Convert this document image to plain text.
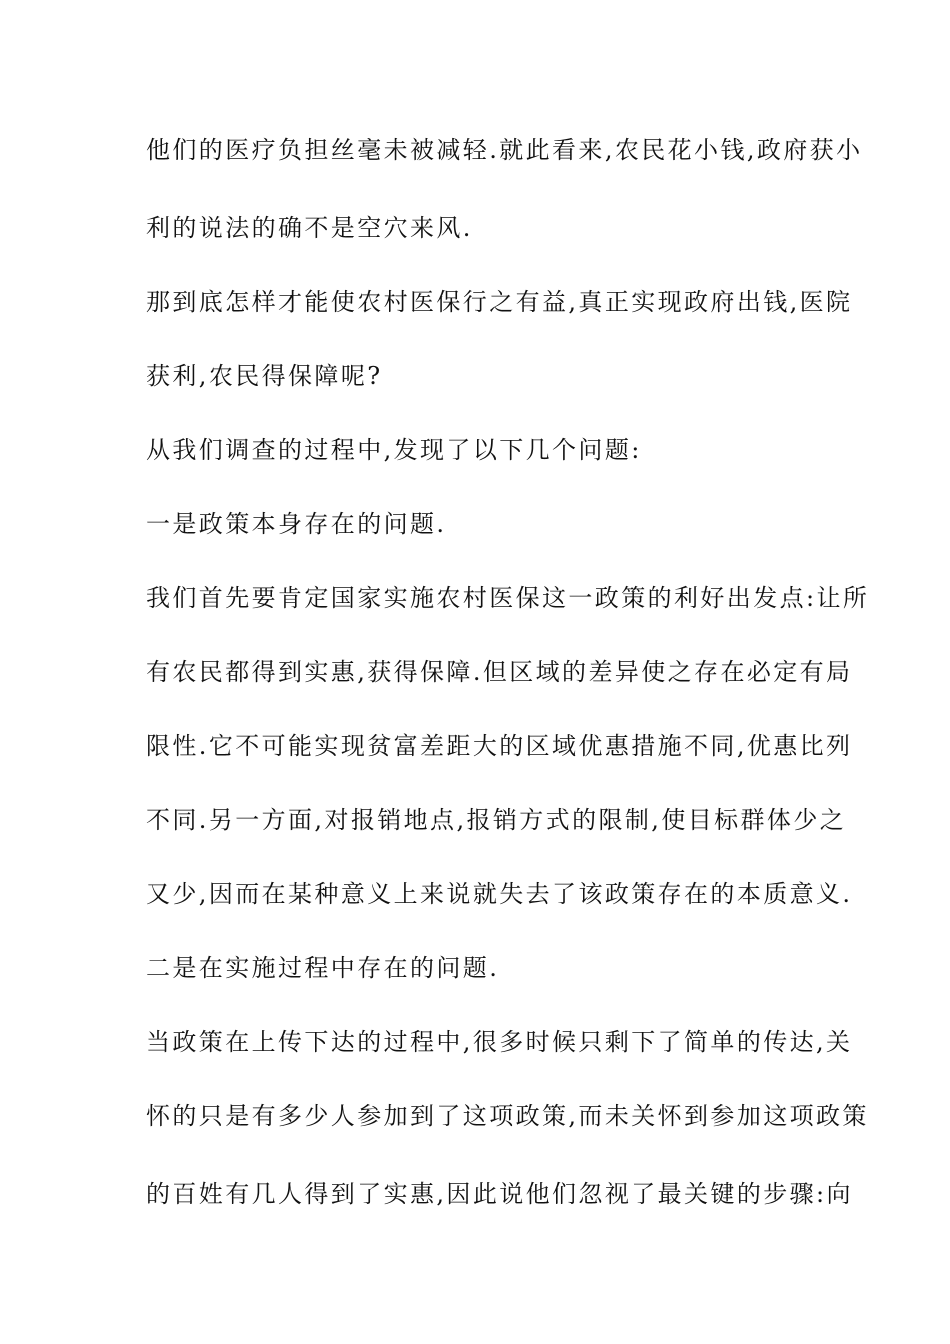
他们的医疗负担丝毫未被减轻.就此看来,农民花小钱,政府获小
利的说法的确不是空穴来风.
那到底怎样才能使农村医保行之有益,真正实现政府出钱,医院
获利,农民得保障呢?
从我们调查的过程中,发现了以下几个问题:
一是政策本身存在的问题.
我们首先要肯定国家实施农村医保这一政策的利好出发点:让所
有农民都得到实惠,获得保障.但区域的差异使之存在必定有局
限性.它不可能实现贫富差距大的区域优惠措施不同,优惠比列
不同.另一方面,对报销地点,报销方式的限制,使目标群体少之
又少,因而在某种意义上来说就失去了该政策存在的本质意义.
二是在实施过程中存在的问题.
当政策在上传下达的过程中,很多时候只剩下了简单的传达,关
怀的只是有多少人参加到了这项政策,而未关怀到参加这项政策
的百姓有几人得到了实惠,因此说他们忽视了最关键的步骤:向
